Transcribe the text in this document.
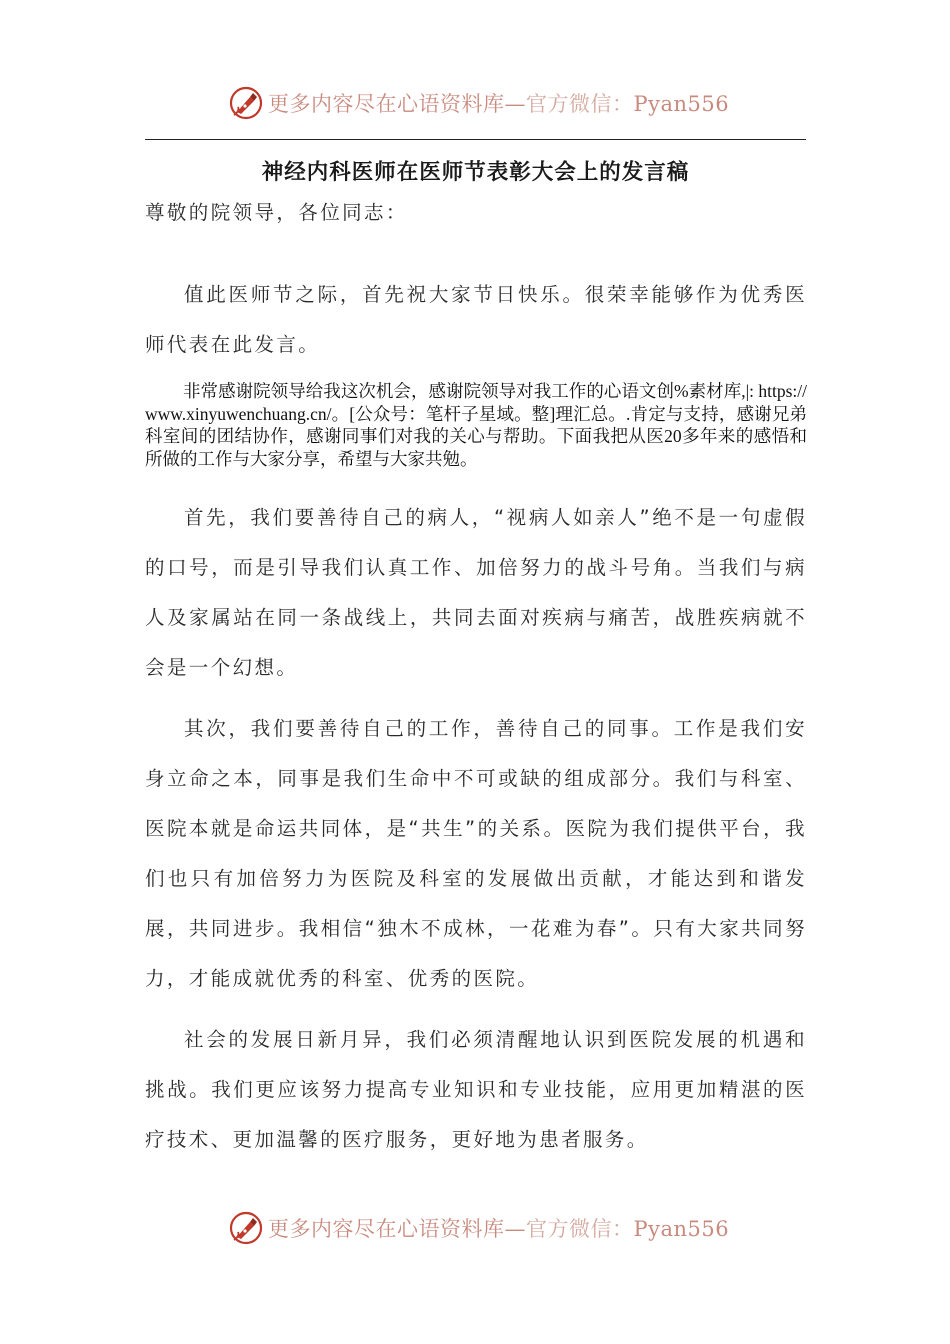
更多内容尽在心语资料库—官方微信：Pyan556
神经内科医师在医师节表彰大会上的发言稿

尊敬的院领导，各位同志：

值此医师节之际，首先祝大家节日快乐。很荣幸能够作为优秀医师代表在此发言。

非常感谢院领导给我这次机会，感谢院领导对我工作的心语文创%素材库,|: https://www.xinyuwenchuang.cn/。[公众号：笔杆子星域。整]理汇总。.肯定与支持，感谢兄弟科室间的团结协作，感谢同事们对我的关心与帮助。下面我把从医20多年来的感悟和所做的工作与大家分享，希望与大家共勉。

首先，我们要善待自己的病人，“视病人如亲人”绝不是一句虚假的口号，而是引导我们认真工作、加倍努力的战斗号角。当我们与病人及家属站在同一条战线上，共同去面对疾病与痛苦，战胜疾病就不会是一个幻想。

其次，我们要善待自己的工作，善待自己的同事。工作是我们安身立命之本，同事是我们生命中不可或缺的组成部分。我们与科室、医院本就是命运共同体，是“共生”的关系。医院为我们提供平台，我们也只有加倍努力为医院及科室的发展做出贡献，才能达到和谐发展，共同进步。我相信“独木不成林，一花难为春”。只有大家共同努力，才能成就优秀的科室、优秀的医院。

社会的发展日新月异，我们必须清醒地认识到医院发展的机遇和挑战。我们更应该努力提高专业知识和专业技能，应用更加精湛的医疗技术、更加温馨的医疗服务，更好地为患者服务。

更多内容尽在心语资料库—官方微信：Pyan556
